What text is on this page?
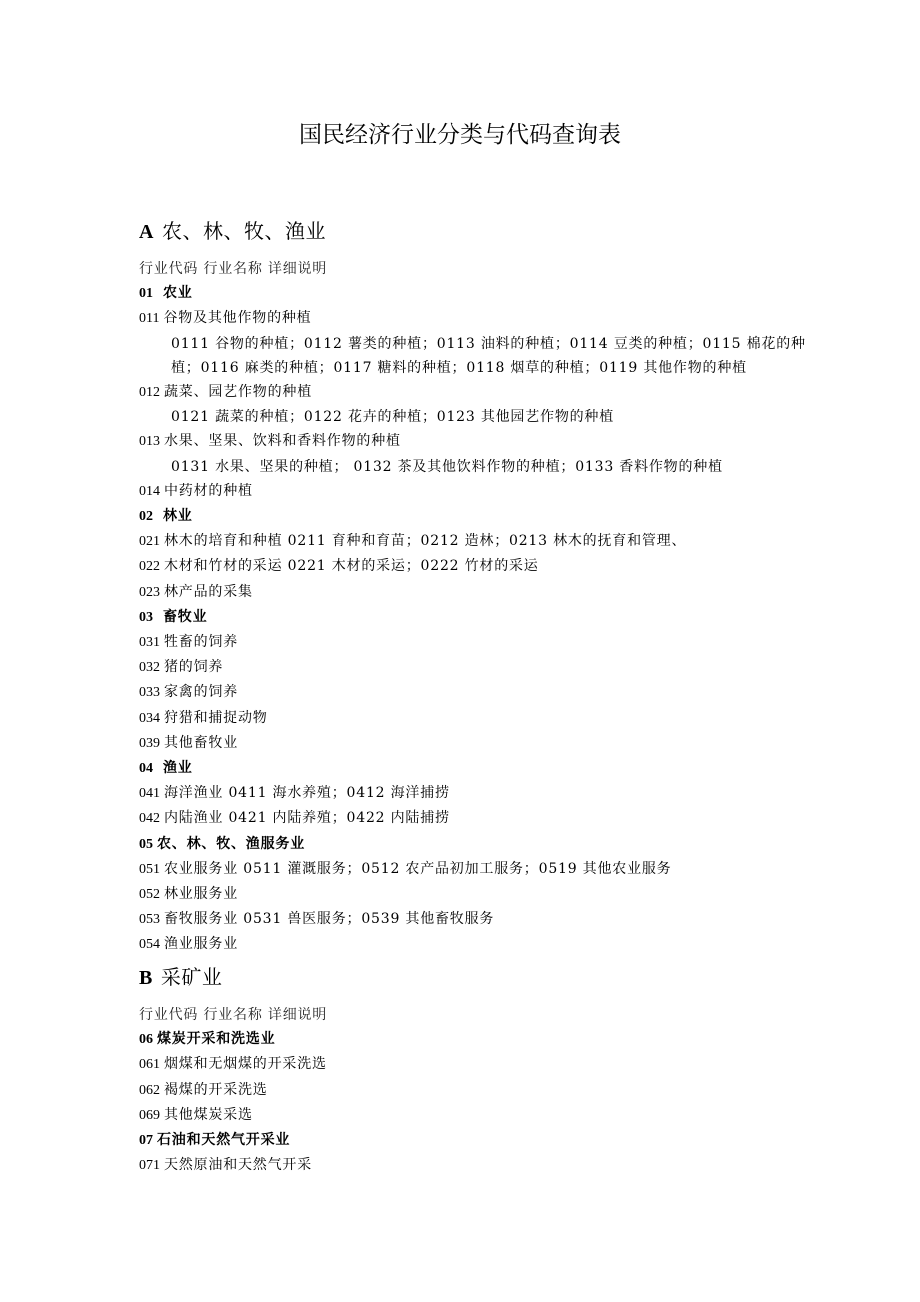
国民经济行业分类与代码查询表
A 农、林、牧、渔业
行业代码 行业名称 详细说明
01 农业
011 谷物及其他作物的种植
0111 谷物的种植；0112 薯类的种植；0113 油料的种植；0114 豆类的种植；0115 棉花的种植；0116 麻类的种植；0117 糖料的种植；0118 烟草的种植；0119 其他作物的种植
012 蔬菜、园艺作物的种植
0121 蔬菜的种植；0122 花卉的种植；0123 其他园艺作物的种植
013 水果、坚果、饮料和香料作物的种植
0131 水果、坚果的种植； 0132 茶及其他饮料作物的种植；0133 香料作物的种植
014 中药材的种植
02 林业
021 林木的培育和种植 0211 育种和育苗；0212 造林；0213 林木的抚育和管理、
022 木材和竹材的采运 0221 木材的采运；0222 竹材的采运
023 林产品的采集
03 畜牧业
031 牲畜的饲养
032 猪的饲养
033 家禽的饲养
034 狩猎和捕捉动物
039 其他畜牧业
04 渔业
041 海洋渔业 0411 海水养殖；0412 海洋捕捞
042 内陆渔业 0421 内陆养殖；0422 内陆捕捞
05 农、林、牧、渔服务业
051 农业服务业 0511 灌溉服务；0512 农产品初加工服务；0519 其他农业服务
052 林业服务业
053 畜牧服务业 0531 兽医服务；0539 其他畜牧服务
054 渔业服务业
B 采矿业
行业代码 行业名称 详细说明
06 煤炭开采和洗选业
061 烟煤和无烟煤的开采洗选
062 褐煤的开采洗选
069 其他煤炭采选
07 石油和天然气开采业
071 天然原油和天然气开采
